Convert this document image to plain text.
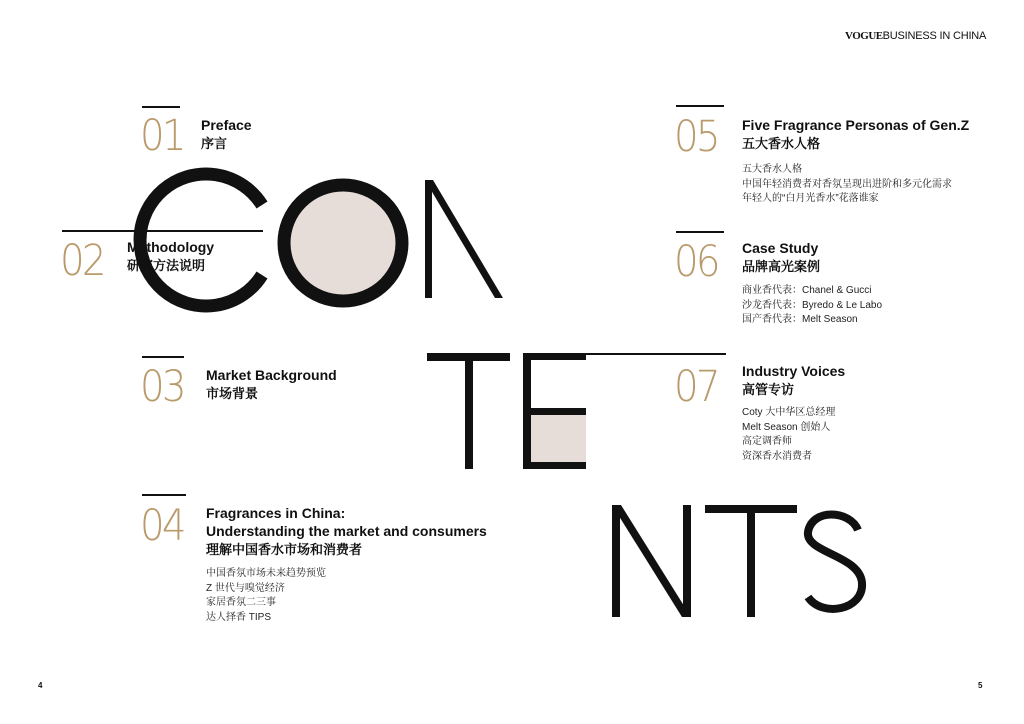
VOGUEBUSINESS IN CHINA
01 Preface
序言
02 Methodology
研究方法说明
03 Market Background
市场背景
04 Fragrances in China:
Understanding the market and consumers
理解中国香水市场和消费者
中国香氛市场未来趋势预览
Z 世代与嗅觉经济
家居香氛二三事
达人择香 TIPS
05 Five Fragrance Personas of Gen.Z
五大香水人格
五大香水人格
中国年轻消费者对香氛呈现出进阶和多元化需求
年轻人的“白月光香水”花落谁家
06 Case Study
品牌高光案例
商业香代表：Chanel & Gucci
沙龙香代表：Byredo & Le Labo
国产香代表：Melt Season
07 Industry Voices
高管专访
Coty 大中华区总经理
Melt Season 创始人
高定调香师
资深香水消费者
4	5
